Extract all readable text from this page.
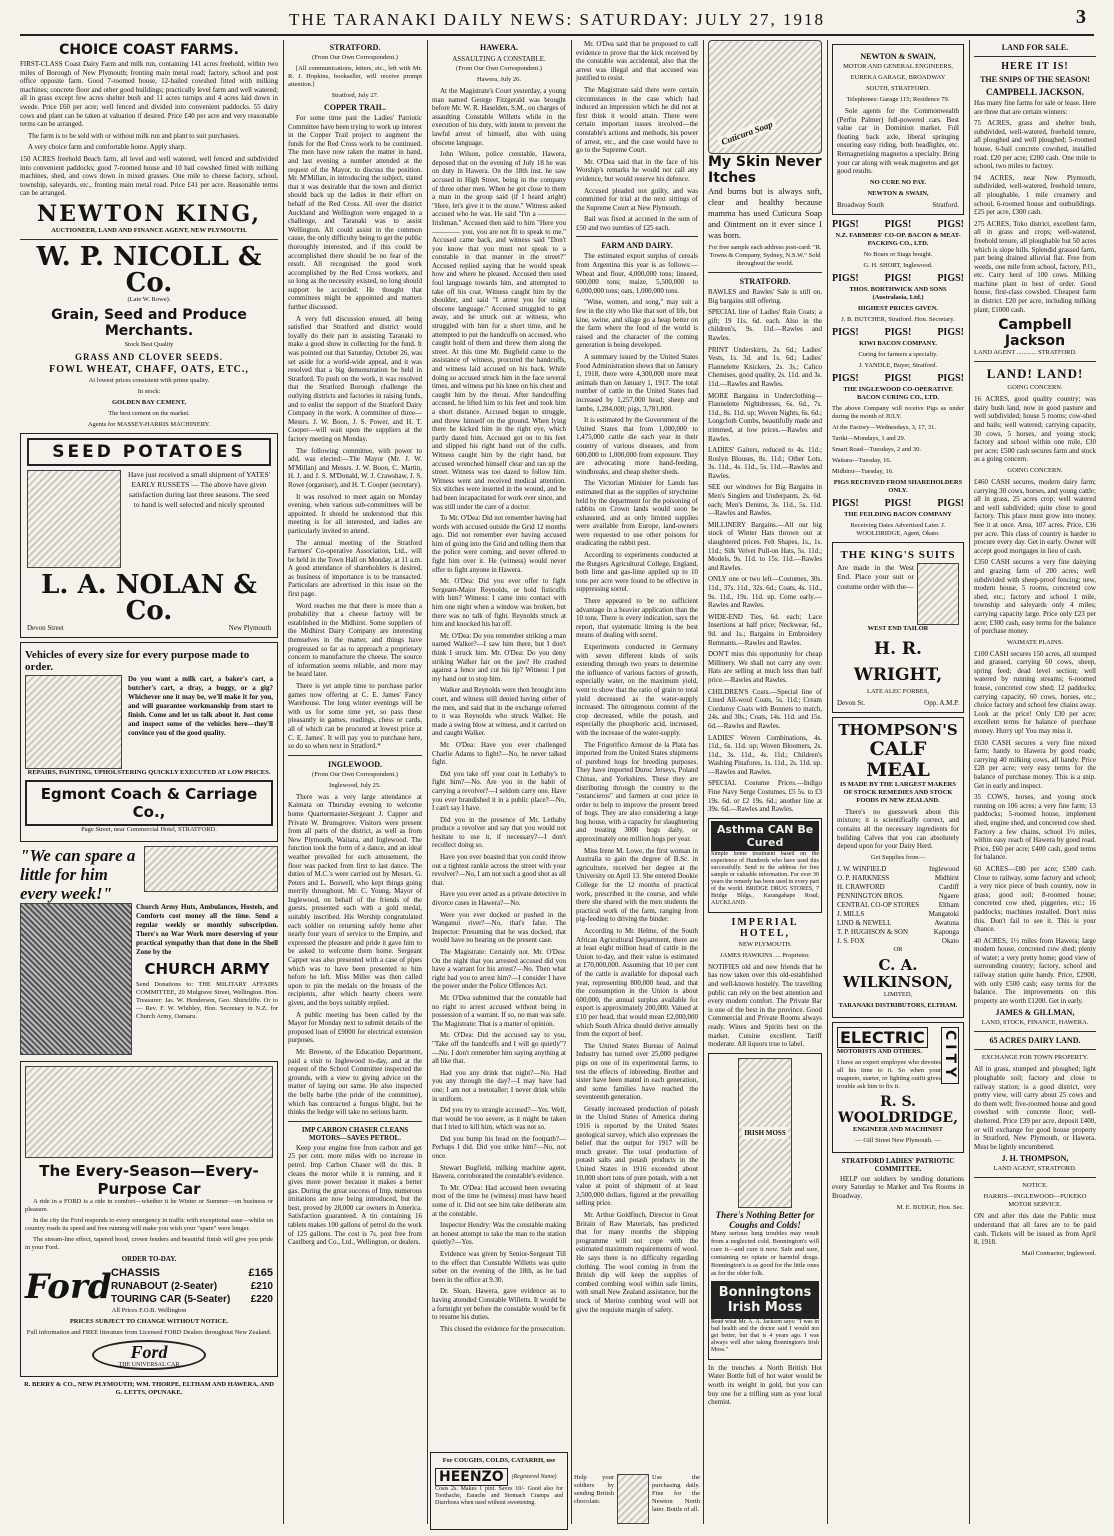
THE TARANAKI DAILY NEWS: SATURDAY: JULY 27, 1918	3
CHOICE COAST FARMS.

FIRST-CLASS Coast Dairy Farm and milk run, containing 141 acres freehold, within two miles of Borough of New Plymouth; fronting main metal road; factory, school and post office opposite farm. Good 7-roomed house, 12-bailed cowshed fitted with milking machines; concrete floor and other good buildings; practically level farm and well watered; all in grass except few acres shelter bush and 11 acres turnips and 4 acres laid down in swede. Price £60 per acre; well fenced and divided into convenient paddocks. 55 dairy cows and plant can be taken at valuation if desired. Price £40 per acre and very reasonable terms can be arranged.

The farm is to be sold with or without milk run and plant to suit purchasers.

A very choice farm and comfortable home. Apply sharp.

150 ACRES freehold Beach farm, all level and well watered, well fenced and subdivided into convenient paddocks; good 7-roomed house and 10 bail cowshed fitted with milking machines, shed, and cows down in mixed grasses. One mile to cheese factory, school, township, saleyards, etc., fronting main metal road. Price £41 per acre. Reasonable terms can be arranged.

NEWTON KING,

AUCTIONEER, LAND AND FINANCE AGENT, NEW PLYMOUTH.

W. P. NICOLL & Co.

(Late W. Rowe).

Grain, Seed and Produce Merchants.

Stock Best Quality

GRASS AND CLOVER SEEDS.
FOWL WHEAT, CHAFF, OATS, ETC.,

At lowest prices consistent with prime quality.

In stock:

GOLDEN BAY CEMENT,

The best cement on the market.

Agents for MASSEY-HARRIS MACHINERY.

SEED POTATOES

Have just received a small shipment of YATES' EARLY RUSSETS — The above have given satisfaction during last three seasons. The seed to hand is well selected and nicely sprouted

L. A. NOLAN & Co.
Devon Street	New Plymouth
Vehicles of every size for every purpose made to order.

Do you want a milk cart, a baker's cart, a butcher's cart, a dray, a buggy, or a gig? Whichever one it may be, we'll make it for you, and will guarantee workmanship from start to finish. Come and let us talk about it. Just come and inspect some of the vehicles here—they'll convince you of the good quality.

REPAIRS, PAINTING, UPHOLSTERING QUICKLY EXECUTED AT LOW PRICES.

Egmont Coach & Carriage Co.,

Page Street, near Commercial Hotel, STRATFORD.

"We can spare a little for him every week!"

Church Army Huts, Ambulances, Hostels, and Comforts cost money all the time. Send a regular weekly or monthly subscription. There's no War Work more deserving of your practical sympathy than that done in the Shell Zone by the

CHURCH ARMY

Send Donations to: THE MILITARY AFFAIRS COMMITTEE, 20 Mulgrave Street, Wellington. Hon. Treasurer: Jas. W. Henderson, Geo. Shirtcliffe. Or to— Rev. F. W. Whibley, Hon. Secretary in N.Z. for Church Army, Oamaru.

The Every-Season—Every-Purpose Car

A ride in a FORD is a ride in comfort—whether it be Winter or Summer—on business or pleasure.

In the city the Ford responds to every emergency in traffic with exceptional ease—whilst on country roads its speed and free running will make you wish your "spare" were longer.

The stream-line effect, tapered hood, crown fenders and beautiful finish will give you pride in your Ford.

ORDER TO-DAY.

Ford CHASSIS	£165
RUNABOUT (2-Seater)	£210
TOURING CAR (5-Seater) £220

All Prices F.O.B. Wellington

PRICES SUBJECT TO CHANGE WITHOUT NOTICE.

Full information and FREE literature from Licensed FORD Dealers throughout New Zealand.

Ford
THE UNIVERSAL CAR

R. BERRY & CO., NEW PLYMOUTH; WM. THORPE, ELTHAM AND HAWERA, AND G. LETTS, OPUNAKE.

STRATFORD.

(From Our Own Correspondent.)

[All communications, letters, etc., left with Mr. R. J. Hopkins, bookseller, will receive prompt attention.]

Stratford, July 27.

COPPER TRAIL.

For some time past the Ladies' Patriotic Committee have been trying to work up interest in the Copper Trail project to augment the funds for the Red Cross work to be continued. The men have now taken the matter in hand, and last evening a number attended at the request of the Mayor, to discuss the position. Mr. M'Millan, in introducing the subject, stated that it was desirable that the town and district should back up the ladies in their effort on behalf of the Red Cross. All over the district Auckland and Wellington were engaged in a challenge, and Taranaki was to assist Wellington. All could assist in the common cause, the only difficulty being to get the public thoroughly interested, and if this could be accomplished there should be no fear of the result. All recognised the good work accomplished by the Red Cross workers, and so long as the necessity existed, no long should support be accorded. He thought that committees might be appointed and matters further discussed.

A very full discussion ensued, all being satisfied that Stratford and district would loyally do their part in assisting Taranaki to make a good show in collecting for the fund. It was pointed out that Saturday, October 26, was set aside for a world-wide appeal, and it was resolved that a big demonstration be held in Stratford. To push on the work, it was resolved that the Stratford Borough challenge the outlying districts and factories in raising funds, and to enlist the support of the Stratford Dairy Company in the work. A committee of three—Messrs. J. W. Boon, J. S. Power, and H. T. Cooper—will wait upon the suppliers at the factory meeting on Monday.

The following committee, with power to add, was elected:—The Mayor (Mr. J. W. M'Millan) and Messrs. J. W. Boon, C. Martin, H. J. and J. S. M'Donald, W. J. Crawshaw, J. S. Rowe (organiser), and H. T. Cooper (secretary).

It was resolved to meet again on Monday evening, when various sub-committees will be appointed. It should be understood that this meeting is for all interested, and ladies are particularly invited to attend.

The annual meeting of the Stratford Farmers' Co-operative Association, Ltd., will be held in the Town Hall on Monday, at 11 a.m. A good attendance of shareholders is desired, as business of importance is to be transacted. Particulars are advertised in this issue on the first page.

Word reaches me that there is more than a probability that a cheese factory will be established in the Midhirst. Some suppliers of the Midhirst Dairy Company are interesting themselves in the matter, and things have progressed so far as to approach a proprietary concern to manufacture the cheese. The source of information seems reliable, and more may be heard later.

There is yet ample time to purchase parlor games now offering at C. E. James' Fancy Warehouse. The long winter evenings will be with us for some time yet, so pass these pleasantly in games, readings, chess or cards, all of which can be procured at lowest price at C. E. James'. It will pay you to purchase here, so do so when next in Stratford.*

INGLEWOOD.

(From Our Own Correspondent.)

Inglewood, July 25.

There was a very large attendance at Kaimata on Thursday evening to welcome home Quartermaster-Sergeant J. Capper and Private W. Brunsgrove. Visitors were present from all parts of the district, as well as from New Plymouth, Waitara, and Inglewood. The function took the form of a dance, and an ideal weather prevailed for such amusement, the floor was packed from first to last dance. The duties of M.C.'s were carried out by Messrs. G. Peters and L. Boswell, who kept things going merrily throughout. Mr. C. Young, Mayor of Inglewood, on behalf of the friends of the guests, presented each with a gold medal, suitably inscribed. His Worship congratulated each soldier on returning safely home after nearly four years of service to the Empire, and expressed the pleasure and pride it gave him to be asked to welcome them home. Sergeant Capper was also presented with a case of pipes which was to have been presented to him before he left. Miss Miller was then called upon to pin the medals on the breasts of the recipients, after which hearty cheers were given, and the boys suitably replied.

A public meeting has been called by the Mayor for Monday next to submit details of the proposed loan of £9000 for electrical extension purposes.

Mr. Browne, of the Education Department, paid a visit to Inglewood to-day, and at the request of the School Committee inspected the grounds, with a view to giving advice on the matter of laying out same. He also inspected the belly barbe (the pride of the committee), which has contracted a fungus blight, but he thinks the hedge will take no serious harm.

IMP CARBON CHASER CLEANS MOTORS—SAVES PETROL.

Keep your engine free from carbon and get 25 per cent. more miles with no increase in petrol. Imp Carbon Chaser will do this. It cleans the motor while it is running, and it gives more power because it makes a better gas. During the great success of Imp, numerous imitations are now being introduced, but the best, proved by 28,000 car owners in America. Satisfaction guaranteed. A tin containing 16 tablets makes 100 gallons of petrol do the work of 125 gallons. The cost is 7s. post free from Castlberg and Co., Ltd., Wellington, or dealers.

HAWERA.
ASSAULTING A CONSTABLE.

(From Our Own Correspondent.)

Hawera, July 26.

At the Magistrate's Court yesterday, a young man named George Fitzgerald was brought before Mr. W. R. Haselden, S.M., on charges of assaulting Constable Willetts while in the execution of his duty, with intent to prevent the lawful arrest of himself, also with using obscene language.

John Wilson, police constable, Hawera, deposed that on the evening of July 18 he was on duty in Hawera. On the 18th inst. he saw accused in High Street, being in the company of three other men. When he got close to them a man in the group said (if I heard aright) "Here, let's give it to the stone." Witness asked accused who he was. He said "I'm a ———— Irishman." Accused then said to him "Here you ———— you, you are not fit to speak to me." Accused came back, and witness said "Don't you know that you must not speak to a constable in that manner in the street?" Accused replied saying that he would speak how and where he pleased. Accused then used foul language towards him, and attempted to take off his coat. Witness caught him by the shoulder, and said "I arrest you for using obscene language." Accused struggled to get away, and he struck out at witness, who struggled with him for a short time, and he attempted to put the handcuffs on accused, who caught hold of them and threw them along the street. At this time Mr. Bugfield came to the assistance of witness, procured the handcuffs, and witness laid accused on his back. While doing so accused struck him in the face several times, and witness put his knee on his chest and caught him by the throat. After handcuffing accused, he lifted him to his feet and took him a short distance. Accused began to struggle, and threw himself on the ground. When lying there he kicked him in the right eye, which partly dazed him. Accused got on to his feet and slipped his right hand out of the cuffs. Witness caught him by the right hand, but accused wrenched himself clear and ran up the street. Witness was too dazed to follow him. Witness went and received medical attention. Six stitches were inserted in the wound, and he had been incapacitated for work ever since, and was still under the care of a doctor.

To Mr. O'Dea: Did not remember having had words with accused outside the Grid 12 months ago. Did not remember ever having accused him of going into the Grid and telling them that the police were coming, and never offered to fight him over it. He (witness) would never offer to fight anyone in Hawera.

Mr. O'Dea: Did you ever offer to fight Sergeant-Major Reynolds, or hold fisticuffs with him? Witness: I came into contact with him one night when a window was broken, but there was no talk of fight. Reynolds struck at him and knocked his hat off.

Mr. O'Dea: Do you remember striking a man named Walker?—I saw him there, but I don't think I struck him. Mr. O'Dea: Do you deny striking Walker fair on the jaw? He crashed against a fence and cut his lip? Witness: I put my hand out to stop him.

Walker and Reynolds were then brought into court, and witness still denied having either of the men, and said that in the exchange referred to it was Reynolds who struck Walker. He made a swing blow at witness, and it carried on and caught Walker.

Mr. O'Dea: Have you ever challenged Charlie Adams to fight?—No, he never talked fight.

Did you take off your coat in Lethaby's to fight him?—No. Are you in the habit of carrying a revolver?—I seldom carry one. Have you ever brandished it in a public place?—No, I can't say I have.

Did you in the presence of Mr. Lethaby produce a revolver and say that you would not hesitate to use it, if necessary?—I don't recollect doing so.

Have you ever boasted that you could throw out a tightest rankle across the street with your revolver?—No, I am not such a good shot as all that.

Have you ever acted as a private detective in divorce cases in Hawera?—No.

Were you ever docked or pushed in the Wanganui river?—No, that's false. The Inspector: Presuming that he was docked, that would have no bearing on the present case.

The Magistrate: Certainly not. Mr. O'Dea: On the night that you arrested accused did you have a warrant for his arrest?—No. Then what right had you to arrest him?—I consider I have the power under the Police Offences Act.

Mr. O'Dea submitted that the constable had no right to arrest accused without being in possession of a warrant. If so, no man was safe. The Magistrate: That is a matter of opinion.

Mr. O'Dea: Did the accused say to you, "Take off the handcuffs and I will go quietly"?—No. I don't remember him saying anything at all like that.

Had you any drink that night?—No. Had you any through the day?—I may have had one; I am not a teetotaller; I never drink while in uniform.

Did you try to strangle accused?—Yes. Well, that would be too severe, as it might be taken that I tried to kill him, which was not so.

Did you bump his head on the footpath?—Perhaps I did. Did you strike him?—No, not once.

Stewart Bugfield, milking machine agent, Hawera, corroborated the constable's evidence.

To Mr. O'Dea: Had accused been swearing most of the time he (witness) must have heard some of it. Did not see him take deliberate aim at the constable.

Inspector Hendry: Was the constable making an honest attempt to take the man to the station quietly?—Yes.

Evidence was given by Senior-Sergeant Till to the effect that Constable Willetts was quite sober on the evening of the 18th, as he had been in the office at 9.30.

Dr. Sloan, Hawera, gave evidence as to having attended Constable Willetts. It would be a fortnight yet before the constable would be fit to resume his duties.

This closed the evidence for the prosecution.

For COUGHS, COLDS, CATARRH, use

HEENZO	(Registered Name)

Costs 2s. Makes 1 pint. Saves 10/- Good also for Toothache, Earache and Stomach Cramps and Diarrhoea when used without sweetening.

Mr. O'Dea said that he proposed to call evidence to prove that the kick received by the constable was accidental, also that the arrest was illegal and that accused was justified to resist.

The Magistrate said there were certain circumstances in the case which had induced an impression which he did not at first think it would attain. There were certain important issues involved—the constable's actions and methods, his power of arrest, etc., and the case would have to go to the Supreme Court.

Mr. O'Dea said that in the face of his Worship's remarks he would not call any evidence, but would reserve his defence.

Accused pleaded not guilty, and was committed for trial at the next sittings of the Supreme Court at New Plymouth.

Bail was fixed at accused in the sum of £50 and two sureties of £25 each.

FARM AND DAIRY.

The estimated export surplus of cereals from Argentina this year is as follows:—Wheat and flour, 4,000,000 tons; linseed, 600,000 tons; maize, 5,500,000 to 6,000,000 tons; oats, 1,000,000 tons.

"Wine, women, and song," may suit a few in the city who like that sort of life, but kine, swine, and silage go a heap better on the farm where the food of the world is raised and the character of the coming generation is being developed.

A summary issued by the United States Food Administration shows that on January 1, 1918, there were 4,300,000 more meat animals than on January 1, 1917. The total number of cattle in the United States had increased by 1,257,000 head; sheep and lambs, 1,284,000; pigs, 3,781,000.

It is estimated by the Government of the United States that from 1,000,000 to 1,475,000 cattle die each year in their country of various diseases, and from 600,000 to 1,000,000 from exposure. They are advocating more hand-feeding, windbreaks, and cheap shelter sheds.

The Victorian Minister for Lands has estimated that as the supplies of strychnine held by the department for the poisoning of rabbits on Crown lands would soon be exhausted, and as only limited supplies were available from Europe, land-owners were requested to use other poisons for eradicating the rabbit pest.

According to experiments conducted at the Rutgers Agricultural College, England, both lime and gas-lime applied up to 10 tons per acre were found to be effective in suppressing sorrel.

There appeared to be no sufficient advantage in a heavier application than the 10 tons. There is every indication, says the report, that systematic liming is the best means of dealing with sorrel.

Experiments conducted in Germany with seven different kinds of soils extending through two years to determine the influence of various factors of growth, especially water, on the maximum yield, went to show that the ratio of grain to total yield decreased as the water-supply increased. The nitrogenous content of the crop decreased, while the potash, and especially the phosphoric acid, increased, with the increase of the water-supply.

The Frigorifico Armour de la Plata has imported from the United States shipments of purebred hogs for breeding purposes. They have imported Duroc Jerseys, Poland Chinas, and Yorkshires. These they are distributing through the country to the "estancieros" and farmers at cost price in order to help to improve the present breed of hogs. They are also considering a large hog house, with a capacity for slaughtering and treating 3000 hogs daily, or approximately one million hogs per year.

Miss Irene M. Lowe, the first woman in Australia to gain the degree of B.Sc. in agriculture, received her degree at the University on April 13. She entered Dookie College for the 12 months of practical work, prescribed in the course, and while there she shared with the men students the practical work of the farm, ranging from pig-feeding to driving the binder.

According to Mr. Helme, of the South African Agricultural Department, there are at least eight million head of cattle in the Union to-day, and their value is estimated at £70,000,000. Assuming that 10 per cent of the cattle is available for disposal each year, representing 800,000 head, and that the consumption in the Union is about 600,000, the annual surplus available for export is approximately 200,000. Valued at £10 per head, that would mean £2,000,000 which South Africa should derive annually from the export of beef.

The United States Bureau of Animal Industry has turned over 25,000 pedigree pigs on one of its experimental farms, to test the effects of inbreeding. Brother and sister have been mated in each generation, and some families have reached the seventeenth generation.

Greatly increased production of potash in the United States of America during 1916 is reported by the United States geological survey, which also expresses the belief that the output for 1917 will be much greater. The total production of potash salts and potash products in the United States in 1916 exceeded about 10,000 short tons of pure potash, with a net value at point of shipment of at least 3,500,000 dollars, figured at the prevailing selling price.

Mr. Arthur Goldfinch, Director in Great Britain of Raw Materials, has predicted that for many months the shipping programme will not cope with the estimated maximum requirements of wool. He says there is no difficulty regarding clothing. The wool coming in from the British dip will keep the supplies of combed combing wool within safe limits, with small New Zealand assistance, but the stock of Merino combing wool will not give the requisite margin of safety.

Help your soldiers by sending British chocolate.

Use the purchasing daily. Fine for the Newton North later. Bottle of all.

Cuticura Soap
My Skin Never Itches

And burns but is always soft, clear and healthy because mamma has used Cuticura Soap and Ointment on it ever since I was born.

For free sample each address post-card: "R. Towns & Company, Sydney, N.S.W." Sold throughout the world.

STRATFORD.

RAWLES and Rawles' Sale is still on. Big bargains still offering.

SPECIAL line of Ladies' Rain Coats; a gift; 19 11s. 6d. each. Also in the children's, 9s. 11d.—Rawles and Rawles.

PRINT Underskirts, 2s. 6d.; Ladies' Vests, 1s. 3d. and 1s. 6d.; Ladies' Flannelette Knickers, 2s. 3s.; Calico Chemises, good quality, 2s. 11d. and 3s. 11d.—Rawles and Rawles.

MORE Bargains in Underclothing—Flannelette Nightdresses, 6s. 6d., 7s. 11d., 8s. 11d. up; Woven Nights, 6s. 6d.; Longcloth Combs, beautifully made and trimmed, at low prices.—Rawles and Rawles.

LADIES' Gaiters, reduced to 4s. 11d.; Roslyn Blouses, 8s. 11d.; Other Lots, 3s. 11d., 4s. 11d., 5s. 11d.—Rawles and Rawles.

SEE our windows for Big Bargains in Men's Singlets and Underpants, 2s. 6d. each; Men's Denims, 3s. 11d., 5s. 11d.—Rawles and Rawles.

MILLINERY Bargains.—All our big stock of Winter Hats thrown out at slaughtered prices. Felt Shapes, 1s., 1s. 11d.; Silk Velvet Pull-on Hats, 5s. 11d.; Models, 9s. 11d. to 15s. 11d.—Rawles and Rawles.

ONLY one or two left—Costumes, 30s. 11d., 37s. 11d., 32s. 6d.; Coats, 4s. 11d., 9s. 11d., 19s. 11d. up. Come early.—Rawles and Rawles.

WIDE-END Ties, 6d. each; Lace Insertions at half price; Neckwear, 6d., 9d. and 1s.; Bargains in Embroidery Remnants.—Rawles and Rawles.

DON'T miss this opportunity for cheap Millinery. We shall not carry any over. Hats are selling at much less than half price.—Rawles and Rawles.

CHILDREN'S Coats.—Special line of Lined All-wool Coats, 5s. 11d.; Cream Corduroy Coats with Bonnets to match, 24s. and 30s.; Coats, 14s. 11d. and 15s. 6d.—Rawles and Rawles.

LADIES' Woven Combinations, 4s. 11d., 6s. 11d. up; Woven Bloomers, 2s. 11d., 3s. 11d., 4s. 11d.; Children's Washing Pinafores, 1s. 11d., 2s. 11d. up.—Rawles and Rawles.

SPECIAL Costume Prices.—Indigo Fine Navy Serge Costumes, £5 5s. to £3 19s. 6d. or £2 19s. 6d.; another line at 39s. 6d.—Rawles and Rawles.

Asthma CAN Be Cured

Simple home treatment based on the experience of Hundreds who have used this successfully. Send to the address for free sample or valuable information. For over 30 years the remedy has been used in every part of the world. BRIDGE DRUG STORES, 7 Bridge Bldgs., Karangahape Road, AUCKLAND.

IMPERIAL HOTEL,

NEW PLYMOUTH.

JAMES HAWKINS .... Proprietor.

NOTIFIES old and new friends that he has now taken over this old-established and well-known hostelry. The travelling public can rely on the best attention and every modern comfort. The Private Bar is one of the best in the province. Good Commercial and Private Rooms always ready. Wines and Spirits best on the market. Cuisine excellent. Tariff moderate. All liquors true to label.

IRISH MOSS
There's Nothing Better for Coughs and Colds!

Many serious lung troubles may result from a neglected cold. Bonnington's will cure it—and cure it now. Safe and sure, containing no opiate or harmful drugs. Bonnington's is as good for the little ones as for the older folk.

Bonningtons Irish Moss

Read what Mr. A. A. Jackson says: "I was in bad health and the doctor said I would not get better, but that is 4 years ago. I was always well after taking Bonnington's Irish Moss."

In the trenches a North British Hot Water Bottle full of hot water would be worth its weight in gold, but you can buy one for a trifling sum as your local chemist.

NEWTON & SWAIN,

MOTOR AND GENERAL ENGINEERS,

EUREKA GARAGE, BROADWAY

SOUTH, STRATFORD.

Telephones: Garage 115; Residence 79.

Sole agents for the Commonwealth (Perfin Palmer) full-powered cars. Best value car in Dominion market. Full floating back axle, liberal springing ensuring easy riding, both headlights, etc. Remagnetising magnetos a specialty. Bring your car along with weak magnetos and get good results.

NO CURE NO PAY.

NEWTON & SWAIN,

Broadway South	Stratford.
PIGS!	PIGS!	PIGS!

N.Z. FARMERS' CO-OP. BACON & MEAT-PACKING CO., LTD.

No Boars or Stags bought.

G. H. SHORT, Inglewood.

PIGS!	PIGS!	PIGS!

THOS. BORTHWICK AND SONS (Australasia, Ltd.)

HIGHEST PRICES GIVEN.

J. B. BUTCHER, Stratford. Hon. Secretary.

PIGS!	PIGS!	PIGS!

KIWI BACON COMPANY.

Curing for farmers a specialty.

J. YANDLE, Buyer, Stratford.

PIGS!	PIGS!	PIGS!

THE INGLEWOOD CO-OPERATIVE BACON CURING CO., LTD.

The above Company will receive Pigs as under during the month of JULY.

At the Factory—Wednesdays, 3, 17, 31.

Tariki—Mondays, 1 and 29.

Smart Road—Tuesdays, 2 and 30.

Waitara—Tuesday, 16.

Midhirst—Tuesday, 16.

PIGS RECEIVED FROM SHAREHOLDERS ONLY.

PIGS!	PIGS!	PIGS!

THE FEILDING BACON COMPANY

Receiving Dates Advertised Later. J. WOOLDRIDGE, Agent, Okato.

THE KING'S SUITS

Are made in the West End. Place your suit or costume order with the—

WEST END TAILOR

H. R. WRIGHT,

LATE ALEC FORBES,

Devon St.	Opp. A.M.P.
THOMPSON'S
CALF MEAL

IS MADE BY THE LARGEST MAKERS OF STOCK REMEDIES AND STOCK FOODS IN NEW ZEALAND.

There's no guesswork about this mixture; it is scientifically correct, and contains all the necessary ingredients for building Calves that you can absolutely depend upon for your Dairy Herd.

Get Supplies from—

J. W. WINFIELD	Inglewood
O. P. HARKNESS	Midhirst
H. CRAWFORD	Cardiff
PENNINGTON BROS.	Ngaere
CENTRAL CO-OP STORES	Eltham
J. MILLS	Mangatoki
LIND & NEWELL	Awatuna
T. P. HUGHSON & SON	Kaponga
J. S. FOX	Okato

OR

C. A. WILKINSON,

LIMITED,

TARANAKI DISTRIBUTORS, ELTHAM.

ELECTRIC

MOTORISTS AND OTHERS.

I have an expert employee who devotes all his time to it. So when your magneto, starter, or lighting outfit gives trouble ask him to fix it.

CITY
R. S. WOOLDRIDGE,

ENGINEER AND MACHINIST

— Gill Street New Plymouth. —

STRATFORD LADIES' PATRIOTIC COMMITTEE.

HELP our soldiers by sending donations every Saturday to Market and Tea Rooms in Broadway.

M. E. BUDGE, Hon. Sec.

LAND FOR SALE.
HERE IT IS!
THE SNIPS OF THE SEASON!
CAMPBELL JACKSON.

Has many fine farms for sale or lease. Here are three that are certain winners:

75 ACRES, grass and shelter bush, subdivided, well-watered, freehold tenure, all ploughed and well ploughed; 5-roomed house, 6-bail concrete cowshed, installed road. £20 per acre; £200 cash. One mile to school, two miles to factory.

94 ACRES, near New Plymouth, subdivided, well-watered, freehold tenure, all ploughable, 1 mile creamery and school, 6-roomed house and outbuildings. £25 per acre, £300 cash.

275 ACRES, Toko district, excellent farm, all in grass and crops; well-watered, freehold tenure, all ploughable but 50 acres which is slope hills. Splendid grassed farm, part being drained alluvial flat. Free from weeds, one mile from school, factory, P.O., etc. Carry herd of 100 cows. Milking machine plant in best of order. Good house, first-class cowshed. Cheapest farm in district. £20 per acre, including milking plant; £1000 cash.

Campbell Jackson

LAND AGENT ............ STRATFORD.

LAND! LAND!

GOING CONCERN.

16 ACRES, good quality country; was dairy bush land, now in good pasture and well subdivided; house 5 rooms; cow-shed and bails; well watered; carrying capacity, 30 cows, 5 horses, and young stock; factory and school within one mile, £30 per acre; £500 cash secures farm and stock as a going concern.

GOING CONCERN.

£460 CASH secures, modern dairy farm; carrying 30 cows, horses, and young cattle; all in grass, 25 acres crop; well watered and well subdivided; quite close to good factory. This place must grow into money. See it at once. Area, 107 acres. Price, £36 per acre. This class of country is harder to procure every day. Get in early. Owner will accept good mortgages in lieu of cash.

£350 CASH secures a very fine dairying and grazing farm of 200 acres; well subdivided with sheep-proof fencing; new, modern house, 5 rooms, concreted cow shed, etc.; factory and school 1 mile, township and saleyards only 4 miles; carrying capacity large. Price only £23 per acre; £300 cash, easy terms for the balance of purchase money.

WAIMATE PLAINS.

£100 CASH secures 150 acres, all stumped and grassed, carrying 60 cows, sheep, spring feed; dead level section; well watered by running streams; 6-roomed house, concreted cow shed; 12 paddocks; carrying capacity, 60 cows, horses, etc.; choice factory and school few chains away. Look at the price! Only £30 per acre; excellent terms for balance of purchase money. Hurry up! You may miss it.

£630 CASH secures a very fine mixed farm; handy to Hawera by good roads; carrying 40 milking cows, all handy. Price £28 per acre; very easy terms for the balance of purchase money. This is a snip. Get in early and inspect.

35 COWS, horses, and young stock running on 106 acres; a very fine farm; 13 paddocks; 5-roomed house, implement shed, engine shed, and concreted cow shed. Factory a few chains, school 1½ miles, within easy reach of Hawera by good road. Price, £60 per acre; £400 cash, good terms for balance.

60 ACRES—£80 per acre; £500 cash. Close to railway, some factory and school; a very nice piece of bush country, now in grass; good soil; 8-roomed house; concreted cow shed, piggeries, etc.; 16 paddocks; machines installed. Don't miss this. Don't fail to see it. This is your chance.

40 ACRES, 1½ miles from Hawera; large modern house, concreted cow shed; plenty of water; a very pretty home; good view of surrounding country; factory, school and railway station quite handy. Price, £2900, with only £500 cash; easy terms for the balance. The improvements on this property are worth £1200. Get in early.

JAMES & GILLMAN,

LAND, STOCK, FINANCE, HAWERA.

65 ACRES DAIRY LAND.

EXCHANGE FOR TOWN PROPERTY.

All in grass, stumped and ploughed; light ploughable soil; factory and close to railway station; is a good district, very pretty view, will carry about 25 cows and do them well; five-roomed house and good cowshed with concrete floor; well-sheltered. Price £39 per acre, deposit £400, or will exchange for good house property in Stratford, New Plymouth, or Hawera. Must be lightly encumbered.

J. H. THOMPSON,

LAND AGENT, STRATFORD.

NOTICE.

HARRIS—INGLEWOOD—PUKEKO MOTOR SERVICE.

ON and after this date the Public must understand that all fares are to be paid cash. Tickets will be issued as from April 8, 1918.

Mail Contractor, Inglewood.
